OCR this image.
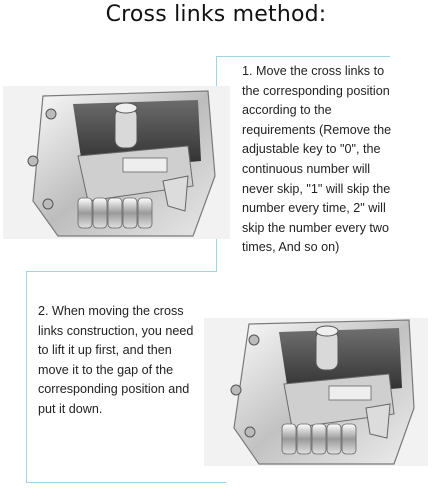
Cross links method:
1. Move the cross links to the corresponding position according to the requirements (Remove the adjustable key to "0", the continuous number will never skip, "1" will skip the number every time, 2" will skip the number every two times, And so on)
2. When moving the cross links construction, you need to lift it up first, and then move it to the gap of the corresponding position and put it down.
